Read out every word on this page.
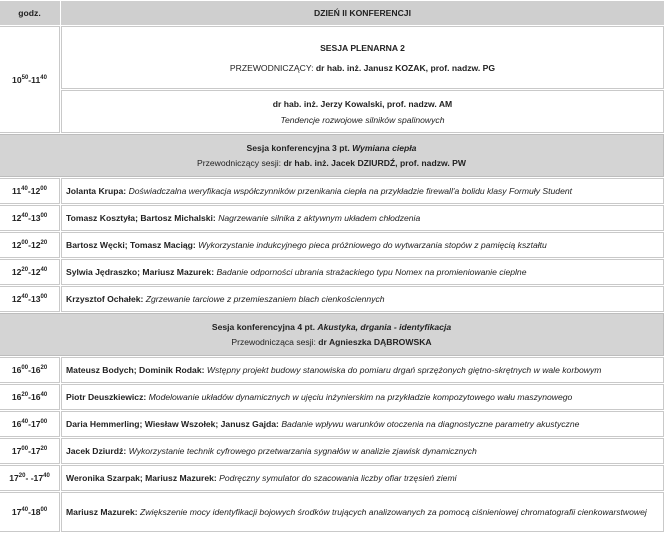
godz.	DZIEŃ II KONFERENCJI
$10^{50}-11^{40}$	SESJA PLENARNA 2
PRZEWODNICZĄCY: dr hab. inż. Janusz KOZAK, prof. nadzw. PG

	dr hab. inż. Jerzy Kowalski, prof. nadzw. AM
Tendencje rozwojowe silników spalinowych

Sesja konferencyjna 3 pt. Wymiana ciepła
Przewodniczący sesji: dr hab. inż. Jacek DZIURDŹ, prof. nadzw. PW	

$11^{40}-12^{00}$	Jolanta Krupa: Doświadczalna weryfikacja współczynników przenikania ciepła na przykładzie firewall'a bolidu klasy Formuły Student
$12^{40}-13^{00}$	Tomasz Kosztyła; Bartosz Michalski: Nagrzewanie silnika z aktywnym układem chłodzenia
$12^{00}-12^{20}$	Bartosz Węcki; Tomasz Maciąg: Wykorzystanie indukcyjnego pieca próżniowego do wytwarzania stopów z pamięcią kształtu
$12^{20}-12^{40}$	Sylwia Jędraszko; Mariusz Mazurek: Badanie odporności ubrania strażackiego typu Nomex na promieniowanie cieplne
$12^{40}-13^{00}$	Krzysztof Ochałek: Zgrzewanie tarciowe z przemieszaniem blach cienkościennych

Sesja konferencyjna 4 pt. Akustyka, drgania - identyfikacja
Przewodnicząca sesji: dr Agnieszka DĄBROWSKA	

$16^{00}-16^{20}$	Mateusz Bodych; Dominik Rodak: Wstępny projekt budowy stanowiska do pomiaru drgań sprzężonych giętno-skrętnych w wale korbowym
$16^{20}-16^{40}$	Piotr Deuszkiewicz: Modelowanie układów dynamicznych w ujęciu inżynierskim na przykładzie kompozytowego wału maszynowego
$16^{40}-17^{00}$	Daria Hemmerling; Wiesław Wszołek; Janusz Gajda: Badanie wpływu warunków otoczenia na diagnostyczne parametry akustyczne
$17^{00}-17^{20}$	Jacek Dziurdź: Wykorzystanie technik cyfrowego przetwarzania sygnałów w analizie zjawisk dynamicznych
$17^{20}-$ $-17^{40}$	Weronika Szarpak; Mariusz Mazurek: Podręczny symulator do szacowania liczby ofiar trzęsień ziemi
$17^{40}-18^{00}$	Mariusz Mazurek: Zwiększenie mocy identyfikacji bojowych środków trujących analizowanych za pomocą ciśnieniowej chromatografii cienkowarstwowej
